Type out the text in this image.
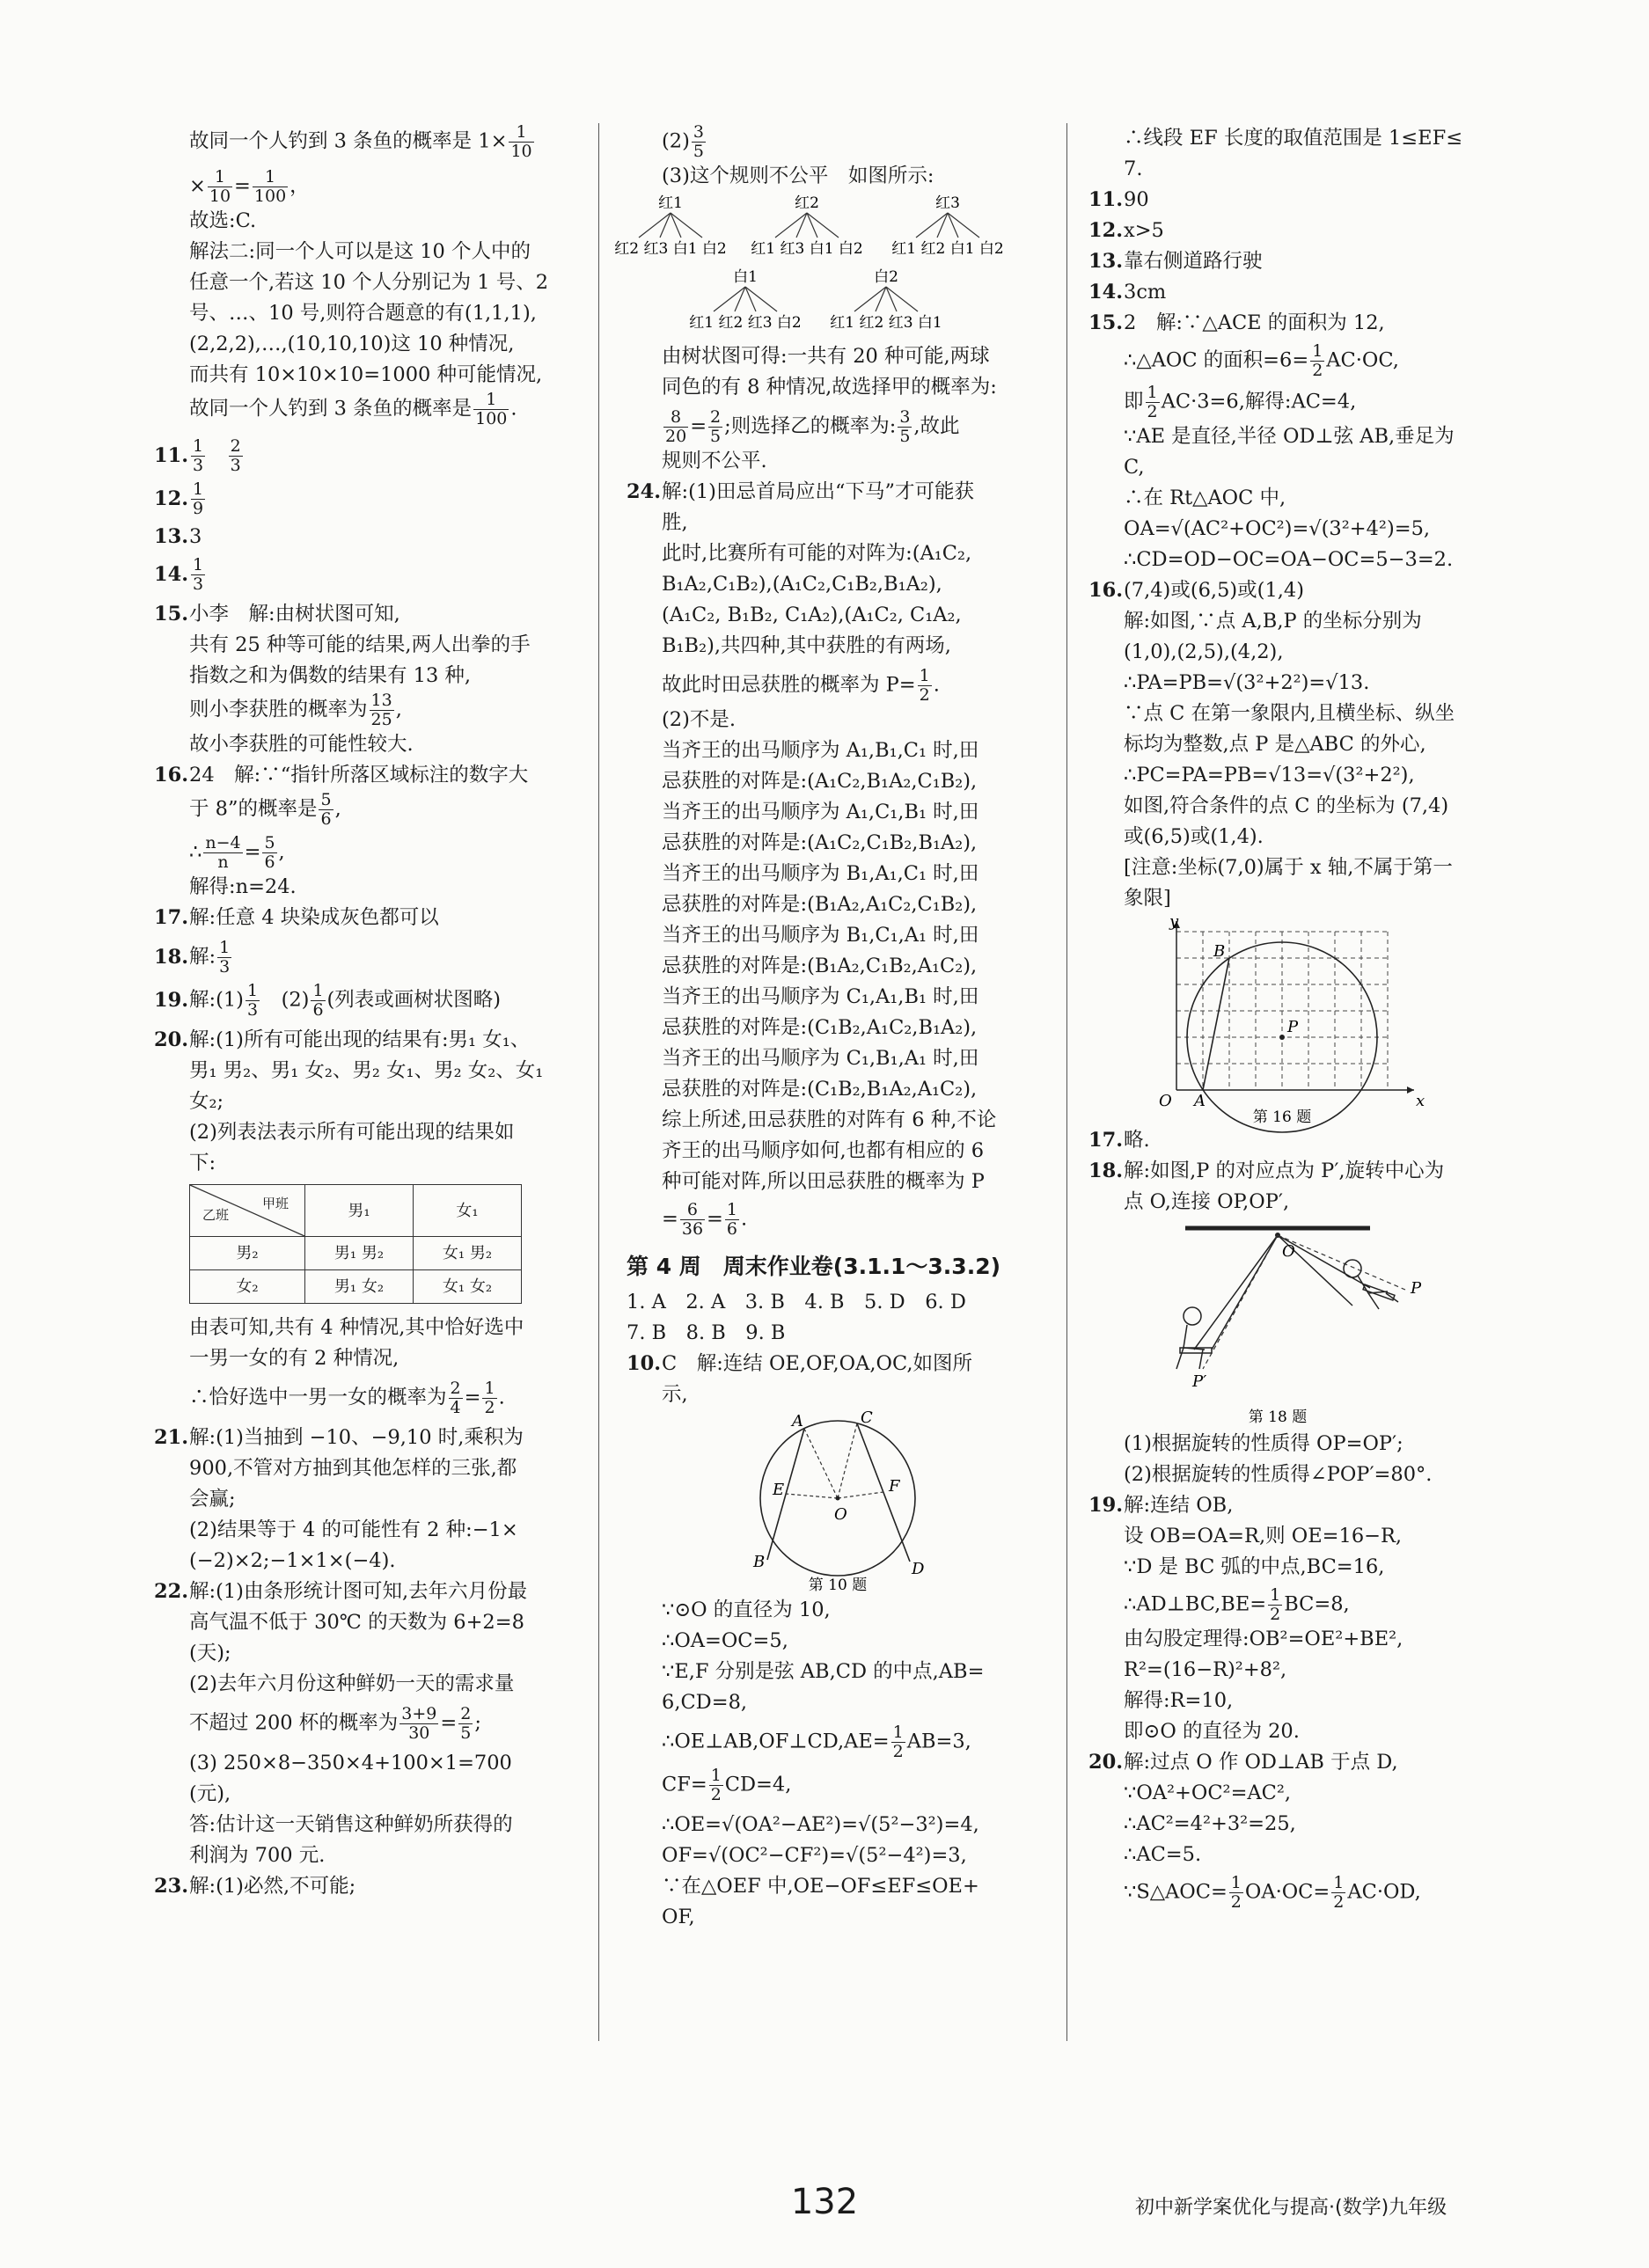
故同一个人钓到 3 条鱼的概率是 $1\times \frac{1}{10}$
× $\frac{1}{10} = \frac{1}{100}$ ，
故选:C.
解法二:同一个人可以是这 10 个人中的
任意一个,若这 10 个人分别记为 1 号、2
号、…、10 号,则符合题意的有(1,1,1),
(2,2,2),…,(10,10,10)这 10 种情况,
而共有 10×10×10=1000 种可能情况,
故同一个人钓到 3 条鱼的概率是 $\frac{1}{100}$ .
11. $\frac{1}{3}$
　 $\frac{2}{3}$
12. $\frac{1}{9}$
13.3
14. $\frac{1}{3}$
15.小李　解:由树状图可知,
共有 25 种等可能的结果,两人出拳的手
指数之和为偶数的结果有 13 种,
则小李获胜的概率为 $\frac{13}{25}$ ,
故小李获胜的可能性较大.
16.24　解:∵“指针所落区域标注的数字大
于 8”的概率是 $\frac{5}{6}$ ,
∴ $\frac{n-4}{n} = \frac{5}{6}$ ,
解得:n=24.
17.解:任意 4 块染成灰色都可以
18.解: $\frac{1}{3}$
19.解:(1) $\frac{1}{3}$
　 $(2) \frac{1}{6}$ (列表或画树状图略)
20.解:(1)所有可能出现的结果有:男₁ 女₁、
男₁ 男₂、男₁ 女₂、男₂ 女₁、男₂ 女₂、女₁
女₂;
(2)列表法表示所有可能出现的结果如
下:
甲班
乙班	男₁	女₁
男₂	男₁ 男₂	女₁ 男₂
女₂	男₁ 女₂	女₁ 女₂
由表可知,共有 4 种情况,其中恰好选中
一男一女的有 2 种情况,
∴恰好选中一男一女的概率为 $\frac{2}{4} = \frac{1}{2}$ .
21.解:(1)当抽到 −10、−9,10 时,乘积为
900,不管对方抽到其他怎样的三张,都
会赢;
(2)结果等于 4 的可能性有 2 种:−1×
(−2)×2;−1×1×(−4).
22.解:(1)由条形统计图可知,去年六月份最
高气温不低于 30℃ 的天数为 6+2=8
(天);
(2)去年六月份这种鲜奶一天的需求量
不超过 200 杯的概率为 $\frac{3+9}{30} = \frac{2}{5}$ ;
(3) 250×8−350×4+100×1=700
(元),
答:估计这一天销售这种鲜奶所获得的
利润为 700 元.
23.解:(1)必然,不可能;
$(2) \frac{3}{5}$
(3)这个规则不公平　如图所示:
红1	红2	红3
红2 红3 白1 白2 红1 红3 白1 白2 红1 红2 白1 白2
白1	白2
红1 红2 红3 白2 红1 红2 红3 白1
由树状图可得:一共有 20 种可能,两球
同色的有 8 种情况,故选择甲的概率为:
$\frac{8}{20} = \frac{2}{5}$ ;则选择乙的概率为: $\frac{3}{5}$ ,故此
规则不公平.
24.解:(1)田忌首局应出“下马”才可能获
胜,
此时,比赛所有可能的对阵为:(A₁C₂,
B₁A₂,C₁B₂),(A₁C₂,C₁B₂,B₁A₂),
(A₁C₂, B₁B₂, C₁A₂),(A₁C₂, C₁A₂,
B₁B₂),共四种,其中获胜的有两场,
故此时田忌获胜的概率为 $P= \frac{1}{2}$ .
(2)不是.
当齐王的出马顺序为 A₁,B₁,C₁ 时,田
忌获胜的对阵是:(A₁C₂,B₁A₂,C₁B₂),
当齐王的出马顺序为 A₁,C₁,B₁ 时,田
忌获胜的对阵是:(A₁C₂,C₁B₂,B₁A₂),
当齐王的出马顺序为 B₁,A₁,C₁ 时,田
忌获胜的对阵是:(B₁A₂,A₁C₂,C₁B₂),
当齐王的出马顺序为 B₁,C₁,A₁ 时,田
忌获胜的对阵是:(B₁A₂,C₁B₂,A₁C₂),
当齐王的出马顺序为 C₁,A₁,B₁ 时,田
忌获胜的对阵是:(C₁B₂,A₁C₂,B₁A₂),
当齐王的出马顺序为 C₁,B₁,A₁ 时,田
忌获胜的对阵是:(C₁B₂,B₁A₂,A₁C₂),
综上所述,田忌获胜的对阵有 6 种,不论
齐王的出马顺序如何,也都有相应的 6
种可能对阵,所以田忌获胜的概率为 P
= $\frac{6}{36} = \frac{1}{6}$ .
第 4 周　周末作业卷(3.1.1～3.3.2)
1. A　2. A　3. B　4. B　5. D　6. D
7. B　8. B　9. B
10.C　解:连结 OE,OF,OA,OC,如图所
示,
A	C
E	F
O
B	D
第 10 题
∵⊙O 的直径为 10,
∴OA=OC=5,
∵E,F 分别是弦 AB,CD 的中点,AB=
6,CD=8,
∴OE⊥AB,OF⊥CD,AE= $\frac{1}{2} AB=3$,
$CF= \frac{1}{2} CD=4$,
∴OE=√(OA²−AE²)=√(5²−3²)=4,
OF=√(OC²−CF²)=√(5²−4²)=3,
∵在△OEF 中,OE−OF≤EF≤OE+
OF,
∴线段 EF 长度的取值范围是 1≤EF≤
7.
11.90
12.x>5
13.靠右侧道路行驶
14.3cm
15.2　解:∵△ACE 的面积为 12,
∴△AOC 的面积$=6= \frac{1}{2} AC\cdot OC$,
即 $\frac{1}{2} AC\cdot 3=6$,解得:AC=4,
∵AE 是直径,半径 OD⊥弦 AB,垂足为
C,
∴在 Rt△AOC 中,
OA=√(AC²+OC²)=√(3²+4²)=5,
∴CD=OD−OC=OA−OC=5−3=2.
16.(7,4)或(6,5)或(1,4)
解:如图,∵点 A,B,P 的坐标分别为
(1,0),(2,5),(4,2),
∴PA=PB=√(3²+2²)=√13.
∵点 C 在第一象限内,且横坐标、纵坐
标均为整数,点 P 是△ABC 的外心,
∴PC=PA=PB=√13=√(3²+2²),
如图,符合条件的点 C 的坐标为 (7,4)
或(6,5)或(1,4).
[注意:坐标(7,0)属于 x 轴,不属于第一
象限]
y
x
O A
B
P
第 16 题
17.略.
18.解:如图,P 的对应点为 P′,旋转中心为
点 O,连接 OP,OP′,
O
P
P′
第 18 题
(1)根据旋转的性质得 OP=OP′;
(2)根据旋转的性质得∠POP′=80°.
19.解:连结 OB,
设 OB=OA=R,则 OE=16−R,
∵D 是 BC 弧的中点,BC=16,
∴AD⊥BC,BE= $\frac{1}{2} BC=8$,
由勾股定理得:OB²=OE²+BE²,
R²=(16−R)²+8²,
解得:R=10,
即⊙O 的直径为 20.
20.解:过点 O 作 OD⊥AB 于点 D,
∵OA²+OC²=AC²,
∴AC²=4²+3²=25,
∴AC=5.
∵S△AOC= $\frac{1}{2} OA\cdot OC= \frac{1}{2} AC\cdot OD$,
132	初中新学案优化与提高·(数学)九年级
